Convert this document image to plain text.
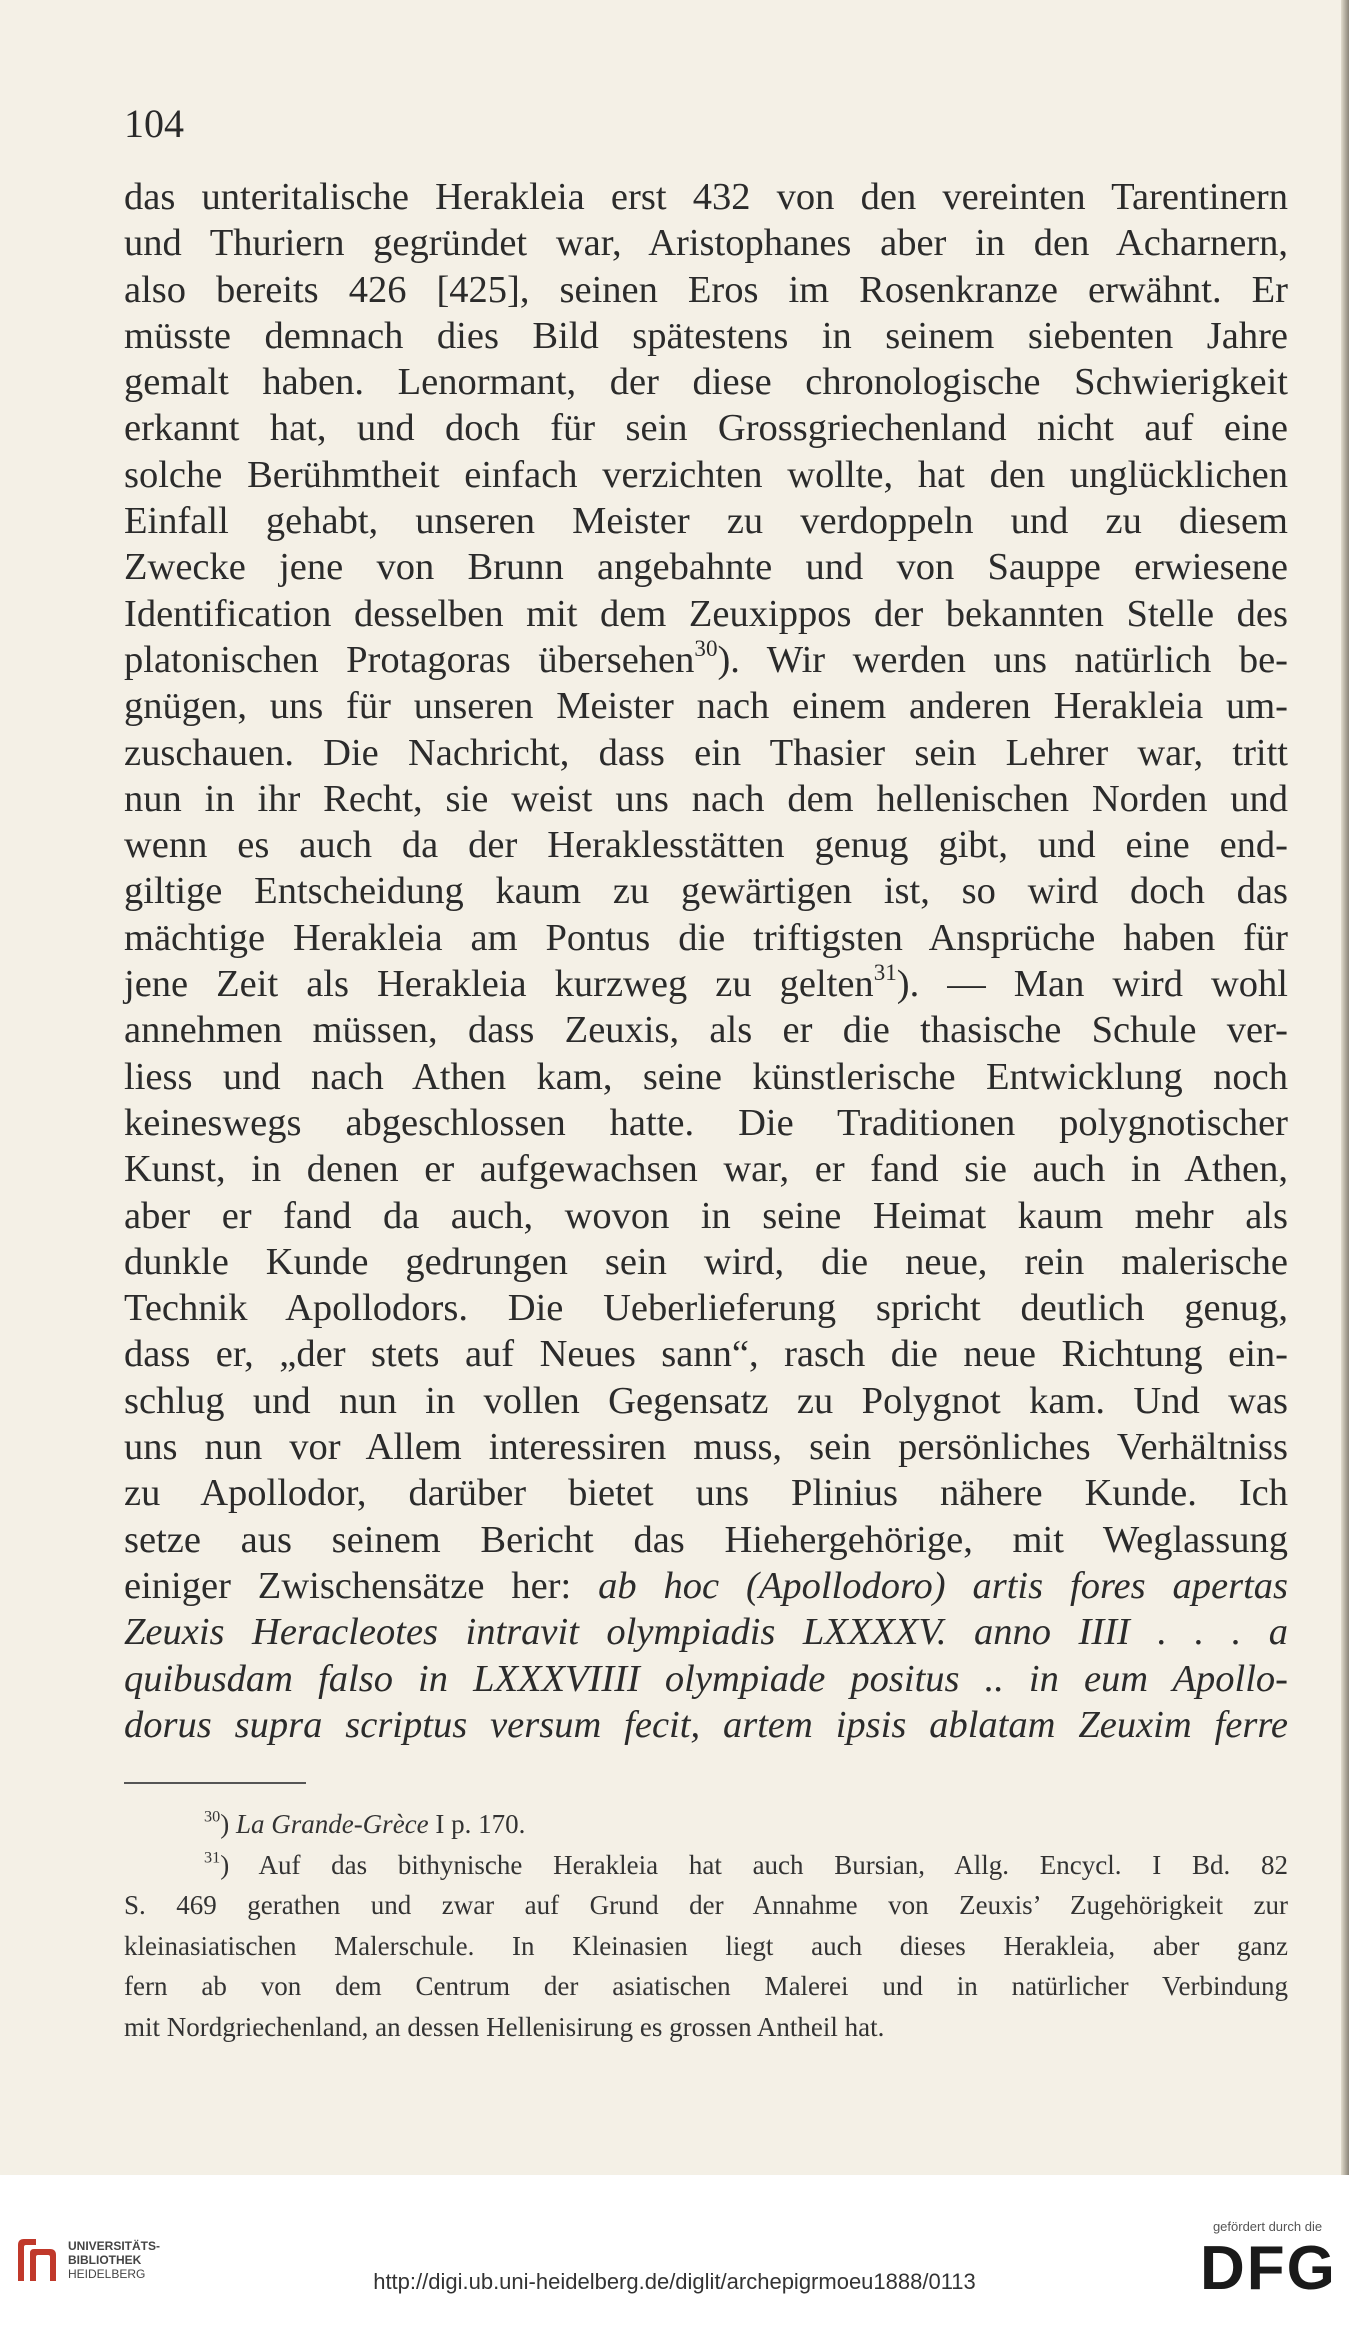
104
das unteritalische Herakleia erst 432 von den vereinten Tarentinern
und Thuriern gegründet war, Aristophanes aber in den Acharnern,
also bereits 426 [425], seinen Eros im Rosenkranze erwähnt. Er
müsste demnach dies Bild spätestens in seinem siebenten Jahre
gemalt haben. Lenormant, der diese chronologische Schwierigkeit
erkannt hat, und doch für sein Grossgriechenland nicht auf eine
solche Berühmtheit einfach verzichten wollte, hat den unglücklichen
Einfall gehabt, unseren Meister zu verdoppeln und zu diesem
Zwecke jene von Brunn angebahnte und von Sauppe erwiesene
Identification desselben mit dem Zeuxippos der bekannten Stelle des
platonischen Protagoras übersehen$^{30}$). Wir werden uns natürlich be-
gnügen, uns für unseren Meister nach einem anderen Herakleia um-
zuschauen. Die Nachricht, dass ein Thasier sein Lehrer war, tritt
nun in ihr Recht, sie weist uns nach dem hellenischen Norden und
wenn es auch da der Heraklesstätten genug gibt, und eine end-
giltige Entscheidung kaum zu gewärtigen ist, so wird doch das
mächtige Herakleia am Pontus die triftigsten Ansprüche haben für
jene Zeit als Herakleia kurzweg zu gelten$^{31}$). — Man wird wohl
annehmen müssen, dass Zeuxis, als er die thasische Schule ver-
liess und nach Athen kam, seine künstlerische Entwicklung noch
keineswegs abgeschlossen hatte. Die Traditionen polygnotischer
Kunst, in denen er aufgewachsen war, er fand sie auch in Athen,
aber er fand da auch, wovon in seine Heimat kaum mehr als
dunkle Kunde gedrungen sein wird, die neue, rein malerische
Technik Apollodors. Die Ueberlieferung spricht deutlich genug,
dass er, „der stets auf Neues sann“, rasch die neue Richtung ein-
schlug und nun in vollen Gegensatz zu Polygnot kam. Und was
uns nun vor Allem interessiren muss, sein persönliches Verhältniss
zu Apollodor, darüber bietet uns Plinius nähere Kunde. Ich
setze aus seinem Bericht das Hiehergehörige, mit Weglassung
einiger Zwischensätze her: ab hoc (Apollodoro) artis fores apertas
Zeuxis Heracleotes intravit olympiadis LXXXXV. anno IIII . . . a
quibusdam falso in LXXXVIIII olympiade positus .. in eum Apollo-
dorus supra scriptus versum fecit, artem ipsis ablatam Zeuxim ferre
$^{30}$) La Grande-Grèce I p. 170.
$^{31}$) Auf das bithynische Herakleia hat auch Bursian, Allg. Encycl. I Bd. 82
S. 469 gerathen und zwar auf Grund der Annahme von Zeuxis’ Zugehörigkeit zur
kleinasiatischen Malerschule. In Kleinasien liegt auch dieses Herakleia, aber ganz
fern ab von dem Centrum der asiatischen Malerei und in natürlicher Verbindung
mit Nordgriechenland, an dessen Hellenisirung es grossen Antheil hat.
UNIVERSITÄTS-
BIBLIOTHEK
HEIDELBERG	http://digi.ub.uni-heidelberg.de/diglit/archepigrmoeu1888/0113
gefördert durch die
DFG
